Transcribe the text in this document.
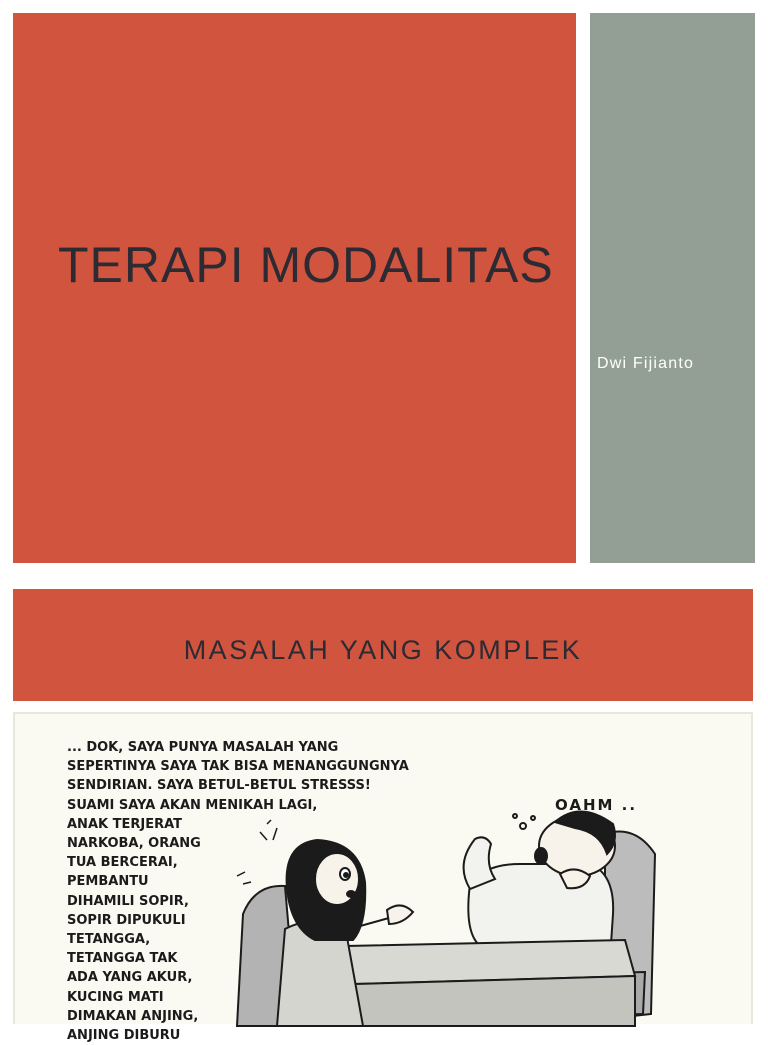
TERAPI MODALITAS
Dwi Fijianto
MASALAH YANG KOMPLEK
... DOK, SAYA PUNYA MASALAH YANG
SEPERTINYA SAYA TAK BISA MENANGGUNGNYA
SENDIRIAN. SAYA BETUL-BETUL STRESSS!
SUAMI SAYA AKAN MENIKAH LAGI,
ANAK TERJERAT
NARKOBA, ORANG
TUA BERCERAI,
PEMBANTU
DIHAMILI SOPIR,
SOPIR DIPUKULI
TETANGGA,
TETANGGA TAK
ADA YANG AKUR,
KUCING MATI
DIMAKAN ANJING,
ANJING DIBURU
OAHM ..
